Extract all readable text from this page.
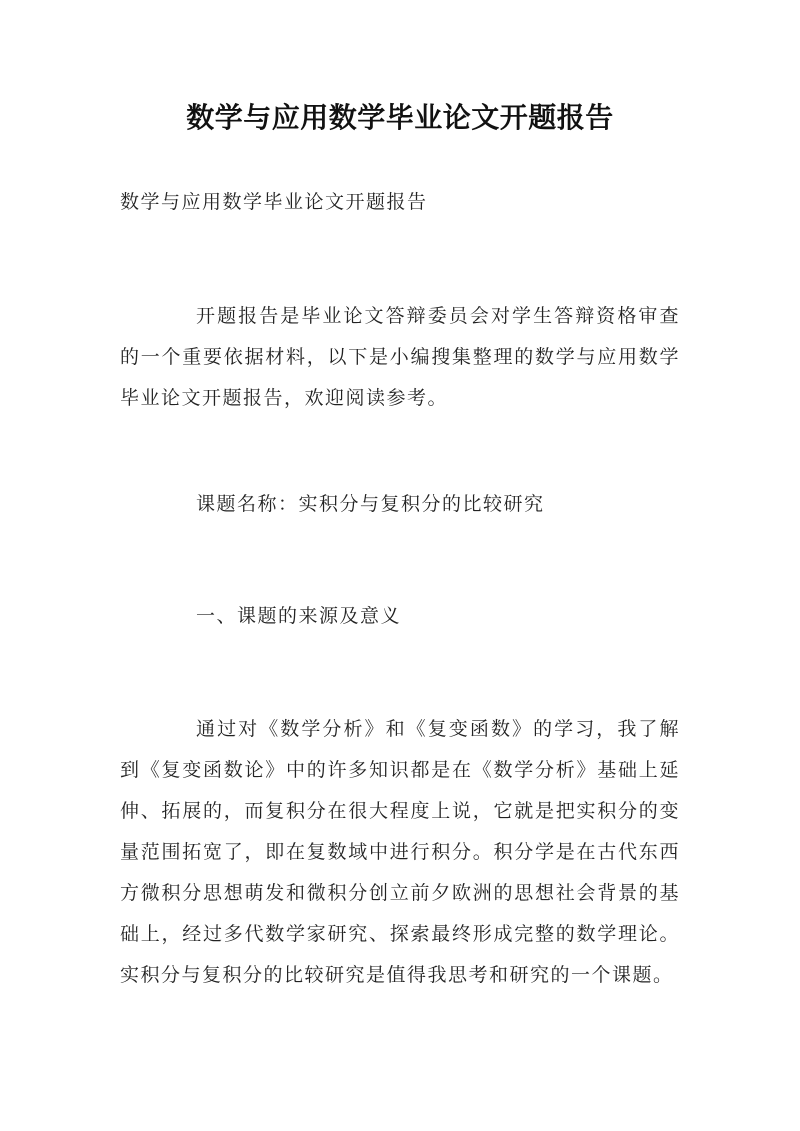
数学与应用数学毕业论文开题报告
数学与应用数学毕业论文开题报告
开题报告是毕业论文答辩委员会对学生答辩资格审查的一个重要依据材料，以下是小编搜集整理的数学与应用数学毕业论文开题报告，欢迎阅读参考。
课题名称：实积分与复积分的比较研究
一、课题的来源及意义
通过对《数学分析》和《复变函数》的学习，我了解到《复变函数论》中的许多知识都是在《数学分析》基础上延伸、拓展的，而复积分在很大程度上说，它就是把实积分的变量范围拓宽了，即在复数域中进行积分。积分学是在古代东西方微积分思想萌发和微积分创立前夕欧洲的思想社会背景的基础上，经过多代数学家研究、探索最终形成完整的数学理论。实积分与复积分的比较研究是值得我思考和研究的一个课题。
